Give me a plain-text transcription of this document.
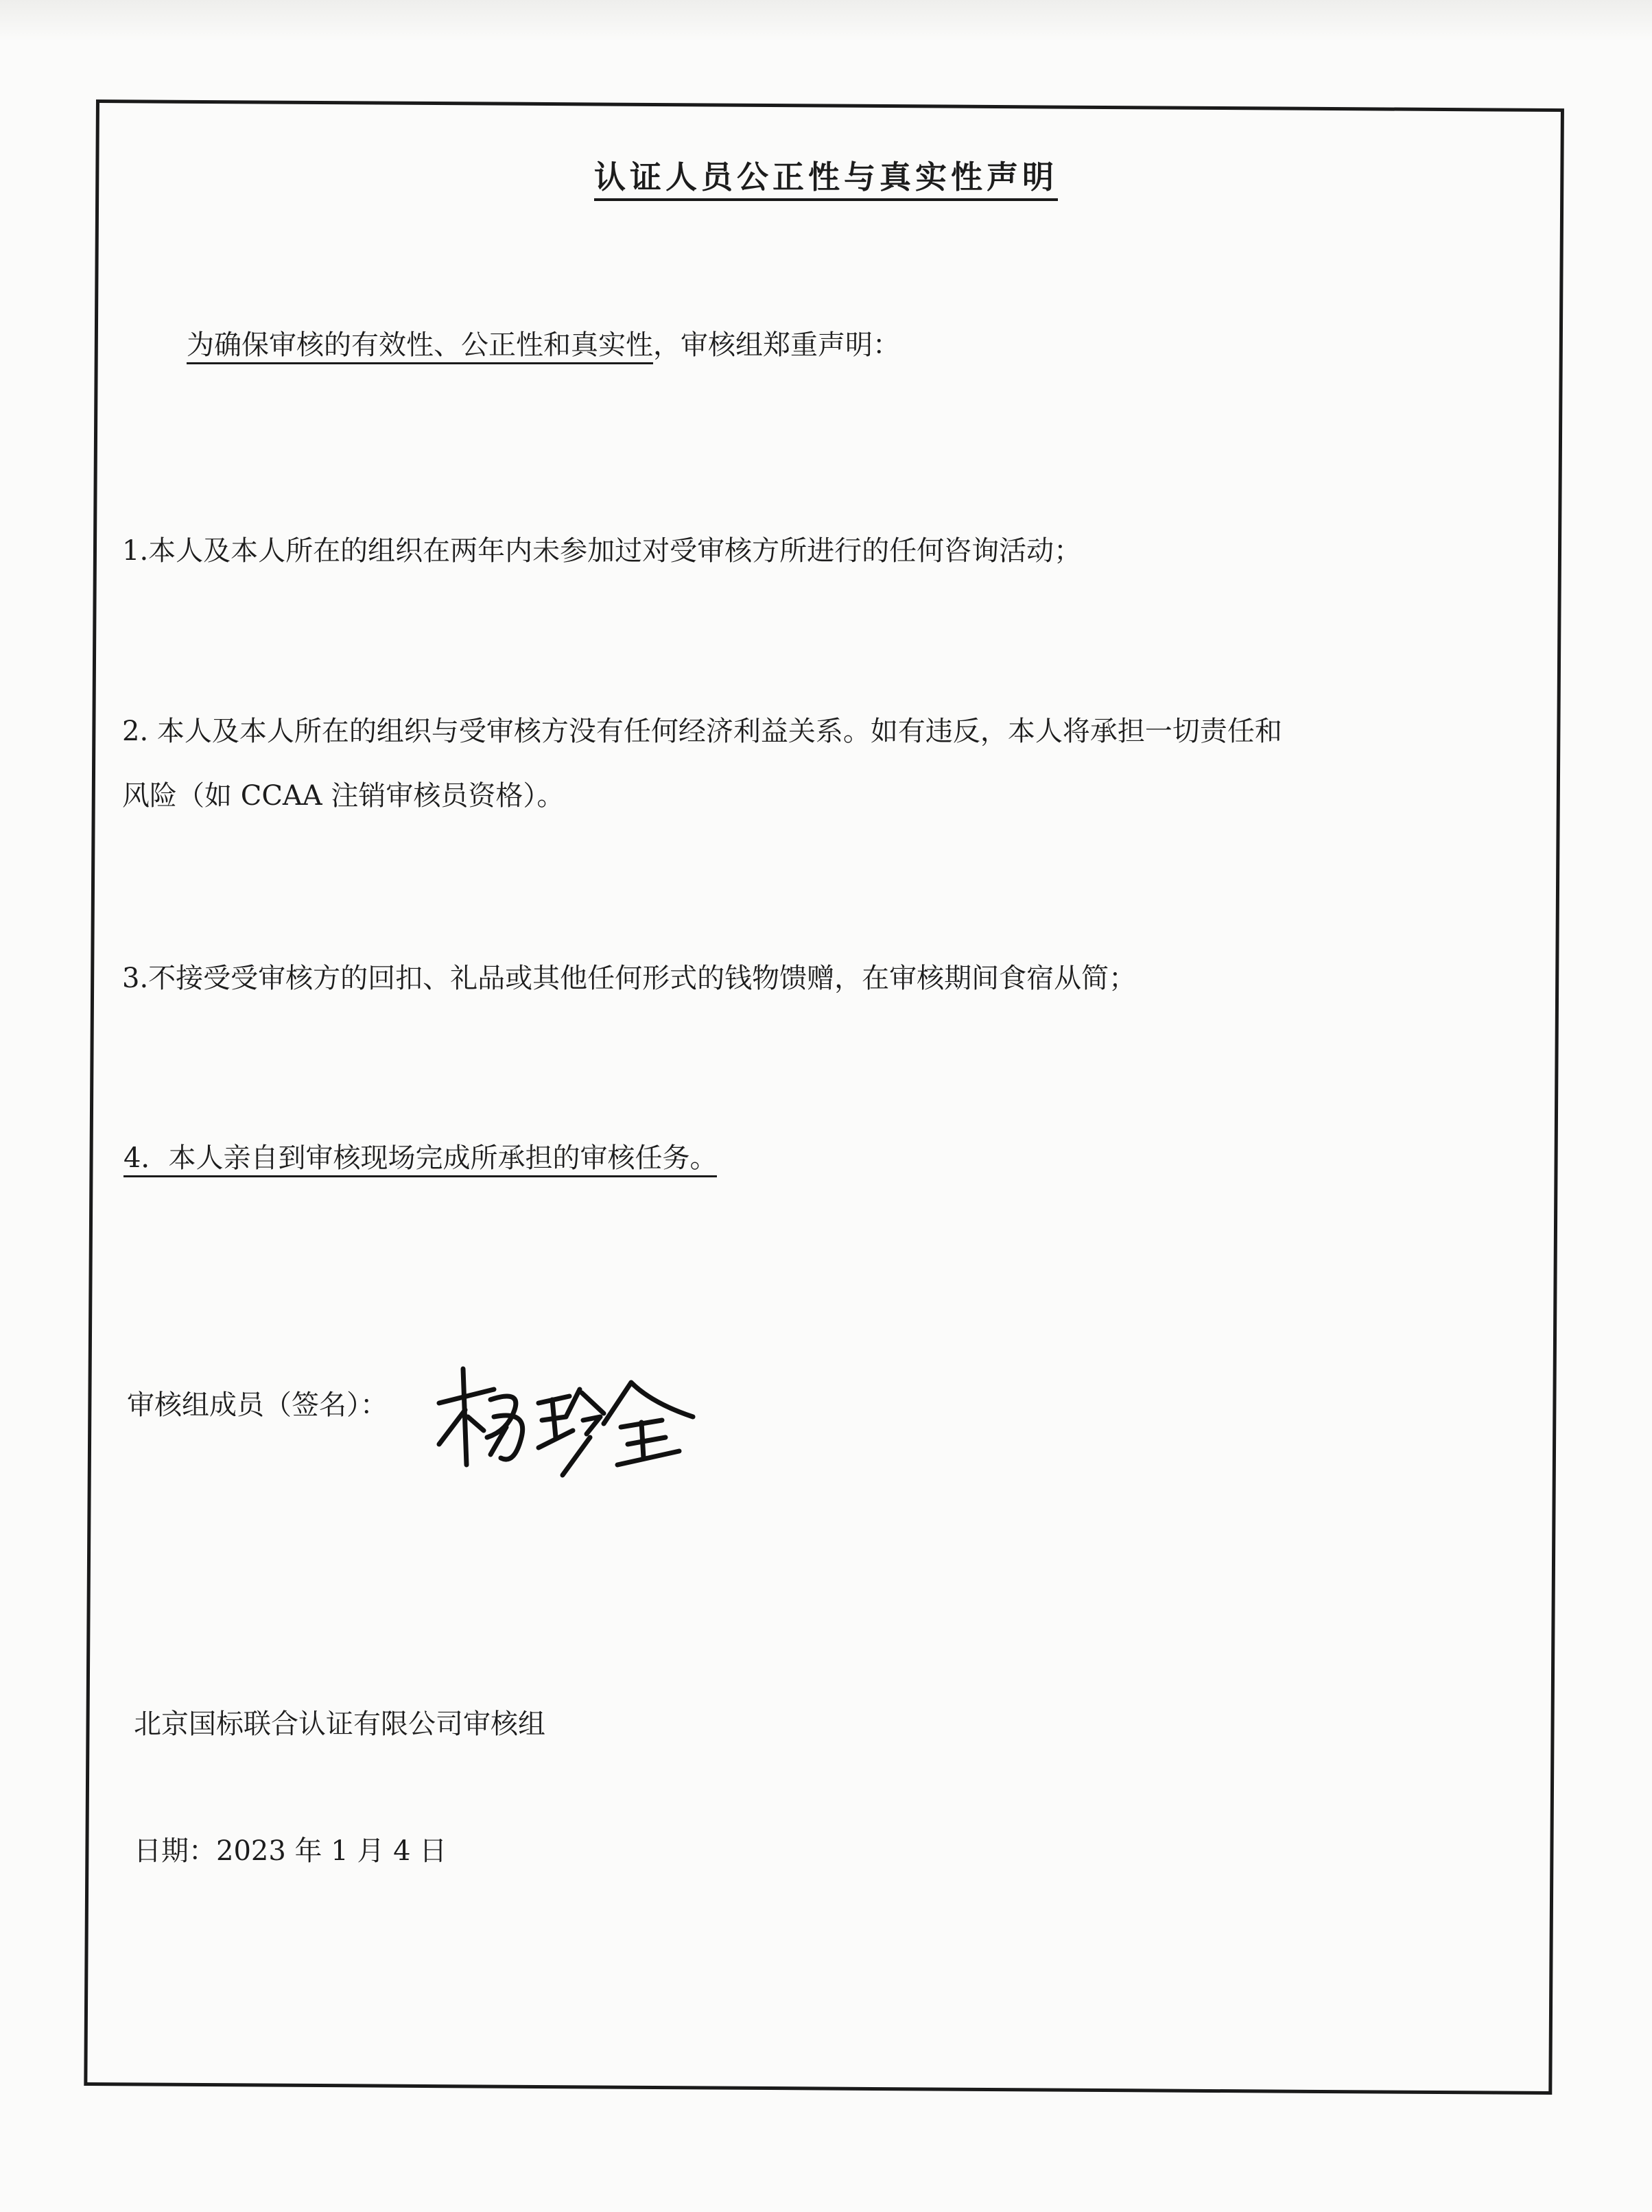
认证人员公正性与真实性声明
为确保审核的有效性、公正性和真实性，审核组郑重声明：
1.本人及本人所在的组织在两年内未参加过对受审核方所进行的任何咨询活动；
2. 本人及本人所在的组织与受审核方没有任何经济利益关系。如有违反，本人将承担一切责任和
风险（如 CCAA 注销审核员资格）。
3.不接受受审核方的回扣、礼品或其他任何形式的钱物馈赠，在审核期间食宿从简；
4．本人亲自到审核现场完成所承担的审核任务。
审核组成员（签名）：
北京国标联合认证有限公司审核组
日期：2023 年 1 月 4 日
